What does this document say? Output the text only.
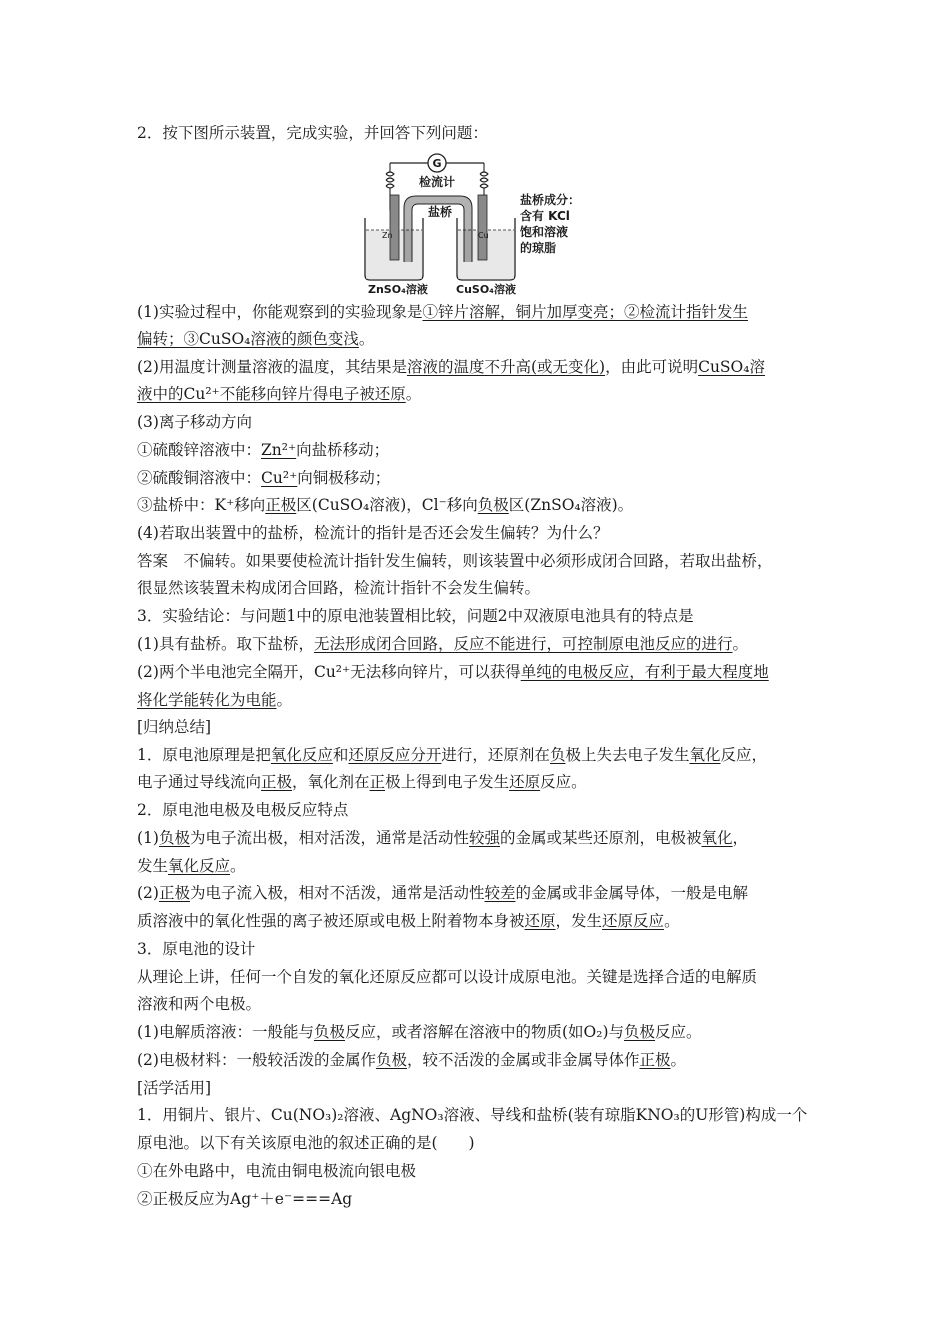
2．按下图所示装置，完成实验，并回答下列问题：
G
检流计
Zn	Cu
盐桥
ZnSO₄溶液	CuSO₄溶液
盐桥成分：
含有 KCl
饱和溶液
的琼脂
(1)实验过程中，你能观察到的实验现象是①锌片溶解，铜片加厚变亮；②检流计指针发生
偏转；③CuSO₄溶液的颜色变浅。
(2)用温度计测量溶液的温度，其结果是溶液的温度不升高(或无变化)，由此可说明CuSO₄溶
液中的Cu²⁺不能移向锌片得电子被还原。
(3)离子移动方向
①硫酸锌溶液中：Zn²⁺向盐桥移动；
②硫酸铜溶液中：Cu²⁺向铜极移动；
③盐桥中：K⁺移向正极区(CuSO₄溶液)，Cl⁻移向负极区(ZnSO₄溶液)。
(4)若取出装置中的盐桥，检流计的指针是否还会发生偏转？为什么？
答案　不偏转。如果要使检流计指针发生偏转，则该装置中必须形成闭合回路，若取出盐桥，
很显然该装置未构成闭合回路，检流计指针不会发生偏转。
3．实验结论：与问题1中的原电池装置相比较，问题2中双液原电池具有的特点是
(1)具有盐桥。取下盐桥，无法形成闭合回路，反应不能进行，可控制原电池反应的进行。
(2)两个半电池完全隔开，Cu²⁺无法移向锌片，可以获得单纯的电极反应，有利于最大程度地
将化学能转化为电能。
[归纳总结]
1．原电池原理是把氧化反应和还原反应分开进行，还原剂在负极上失去电子发生氧化反应，
电子通过导线流向正极，氧化剂在正极上得到电子发生还原反应。
2．原电池电极及电极反应特点
(1)负极为电子流出极，相对活泼，通常是活动性较强的金属或某些还原剂，电极被氧化，
发生氧化反应。
(2)正极为电子流入极，相对不活泼，通常是活动性较差的金属或非金属导体，一般是电解
质溶液中的氧化性强的离子被还原或电极上附着物本身被还原，发生还原反应。
3．原电池的设计
从理论上讲，任何一个自发的氧化还原反应都可以设计成原电池。关键是选择合适的电解质
溶液和两个电极。
(1)电解质溶液：一般能与负极反应，或者溶解在溶液中的物质(如O₂)与负极反应。
(2)电极材料：一般较活泼的金属作负极，较不活泼的金属或非金属导体作正极。
[活学活用]
1．用铜片、银片、Cu(NO₃)₂溶液、AgNO₃溶液、导线和盐桥(装有琼脂KNO₃的U形管)构成一个
原电池。以下有关该原电池的叙述正确的是(　　)
①在外电路中，电流由铜电极流向银电极
②正极反应为Ag⁺＋e⁻===Ag
